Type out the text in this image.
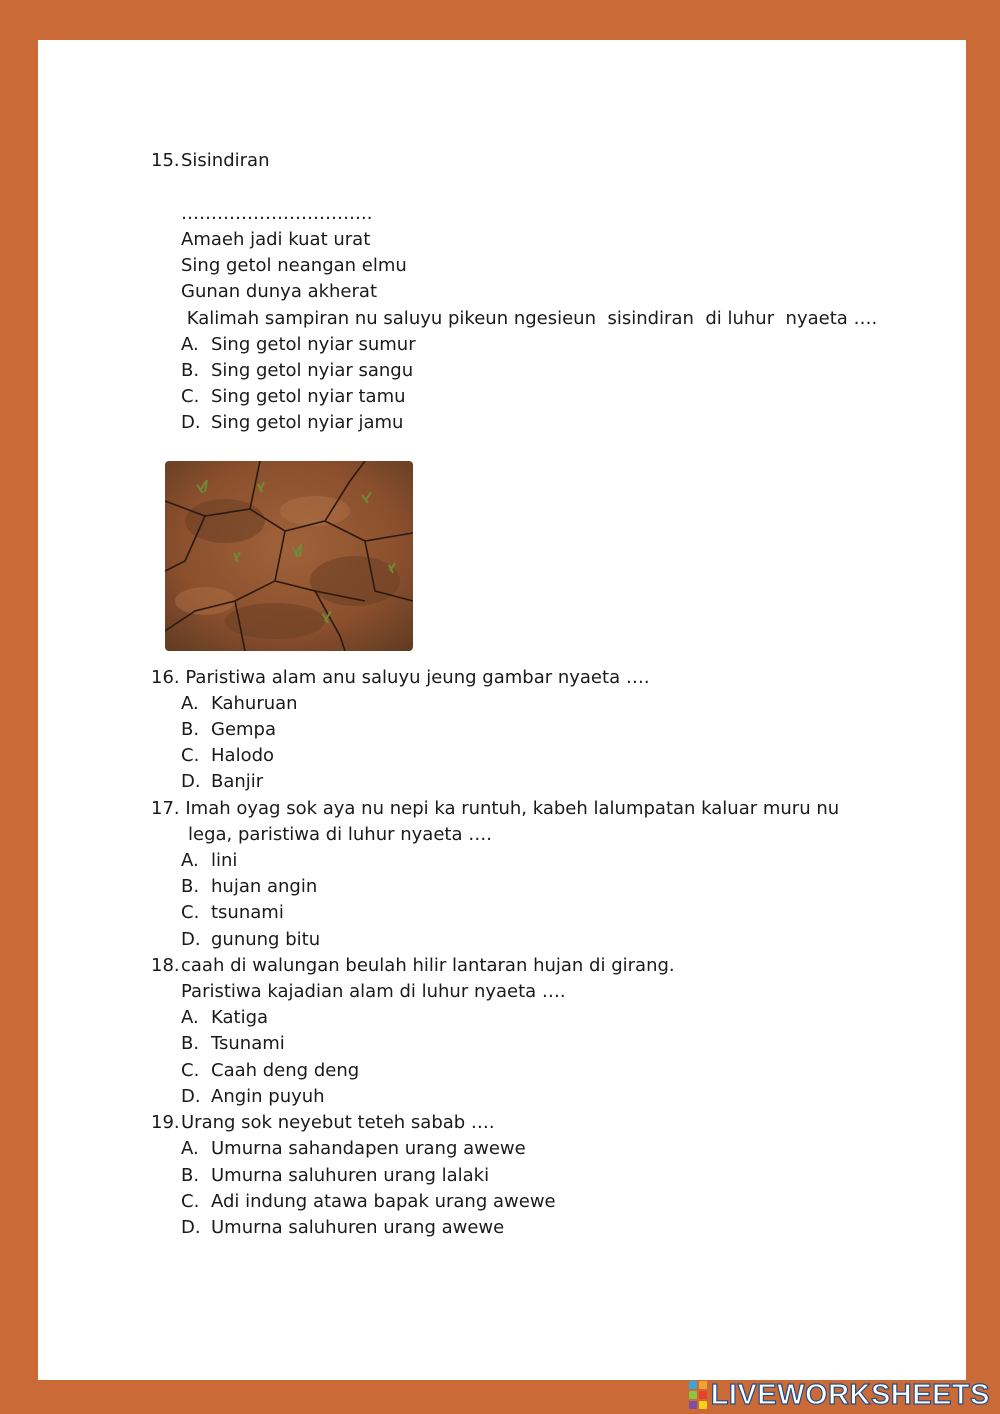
15. Sisindiran
…………………………..
Amaeh jadi kuat urat
Sing getol neangan elmu
Gunan dunya akherat
Kalimah sampiran nu saluyu pikeun ngesieun  sisindiran  di luhur  nyaeta ….
A. Sing getol nyiar sumur
B. Sing getol nyiar sangu
C. Sing getol nyiar tamu
D. Sing getol nyiar jamu
16. Paristiwa alam anu saluyu jeung gambar nyaeta ….
A. Kahuruan
B. Gempa
C. Halodo
D. Banjir
17. Imah oyag sok aya nu nepi ka runtuh, kabeh lalumpatan kaluar muru nu
lega, paristiwa di luhur nyaeta ….
A. lini
B. hujan angin
C. tsunami
D. gunung bitu
18. caah di walungan beulah hilir lantaran hujan di girang.
Paristiwa kajadian alam di luhur nyaeta ….
A. Katiga
B. Tsunami
C. Caah deng deng
D. Angin puyuh
19. Urang sok neyebut teteh sabab ….
A. Umurna sahandapen urang awewe
B. Umurna saluhuren urang lalaki
C. Adi indung atawa bapak urang awewe
D. Umurna saluhuren urang awewe
LIVEWORKSHEETS
